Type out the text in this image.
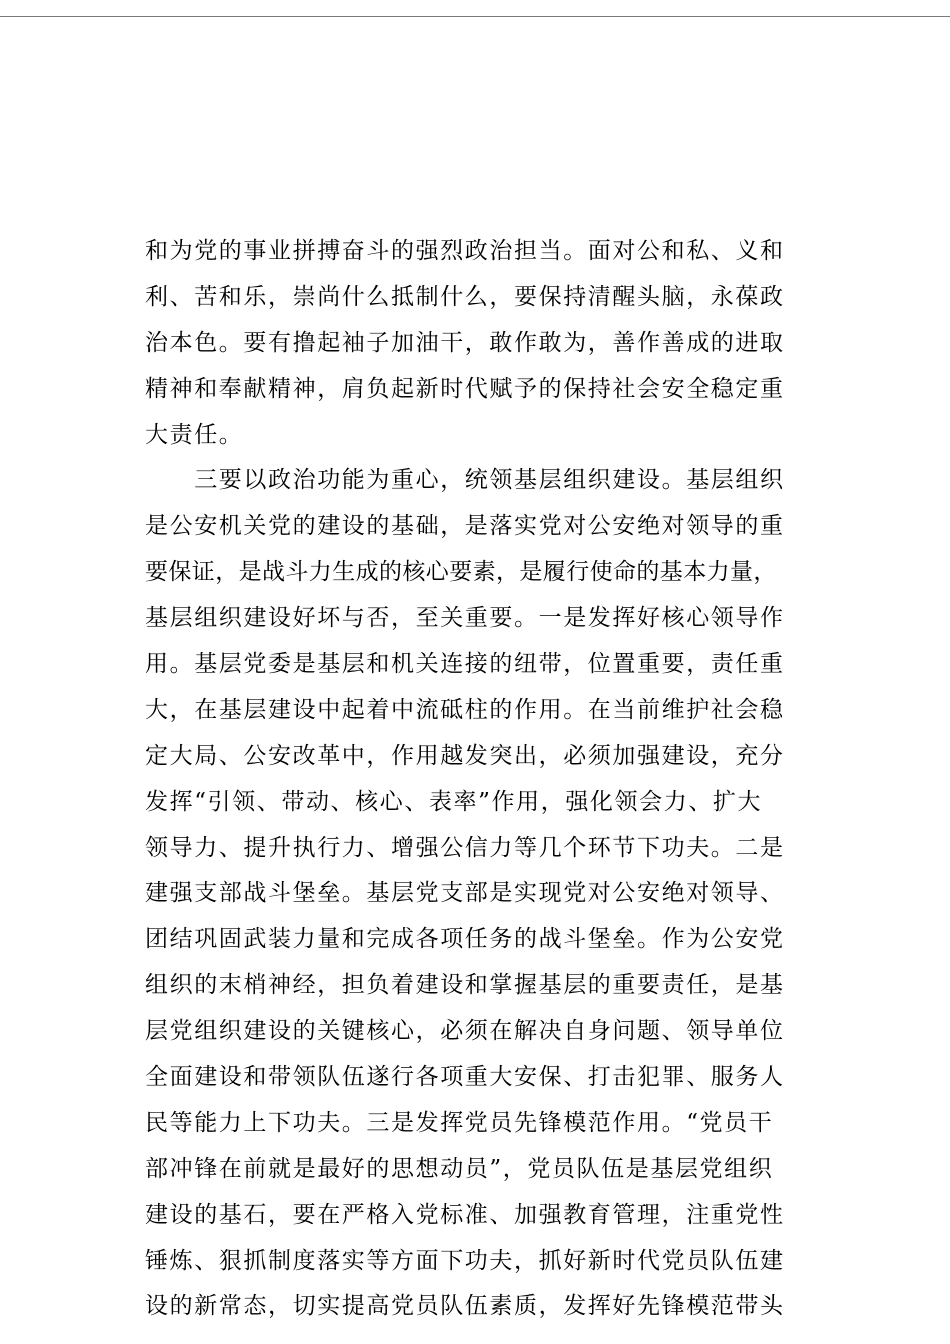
和为党的事业拼搏奋斗的强烈政治担当。面对公和私、义和
利、苦和乐，崇尚什么抵制什么，要保持清醒头脑，永葆政
治本色。要有撸起袖子加油干，敢作敢为，善作善成的进取
精神和奉献精神，肩负起新时代赋予的保持社会安全稳定重
大责任。
　　三要以政治功能为重心，统领基层组织建设。基层组织
是公安机关党的建设的基础，是落实党对公安绝对领导的重
要保证，是战斗力生成的核心要素，是履行使命的基本力量，
基层组织建设好坏与否，至关重要。一是发挥好核心领导作
用。基层党委是基层和机关连接的纽带，位置重要，责任重
大，在基层建设中起着中流砥柱的作用。在当前维护社会稳
定大局、公安改革中，作用越发突出，必须加强建设，充分
发挥“引领、带动、核心、表率”作用，强化领会力、扩大
领导力、提升执行力、增强公信力等几个环节下功夫。二是
建强支部战斗堡垒。基层党支部是实现党对公安绝对领导、
团结巩固武装力量和完成各项任务的战斗堡垒。作为公安党
组织的末梢神经，担负着建设和掌握基层的重要责任，是基
层党组织建设的关键核心，必须在解决自身问题、领导单位
全面建设和带领队伍遂行各项重大安保、打击犯罪、服务人
民等能力上下功夫。三是发挥党员先锋模范作用。“党员干
部冲锋在前就是最好的思想动员”，党员队伍是基层党组织
建设的基石，要在严格入党标准、加强教育管理，注重党性
锤炼、狠抓制度落实等方面下功夫，抓好新时代党员队伍建
设的新常态，切实提高党员队伍素质，发挥好先锋模范带头
